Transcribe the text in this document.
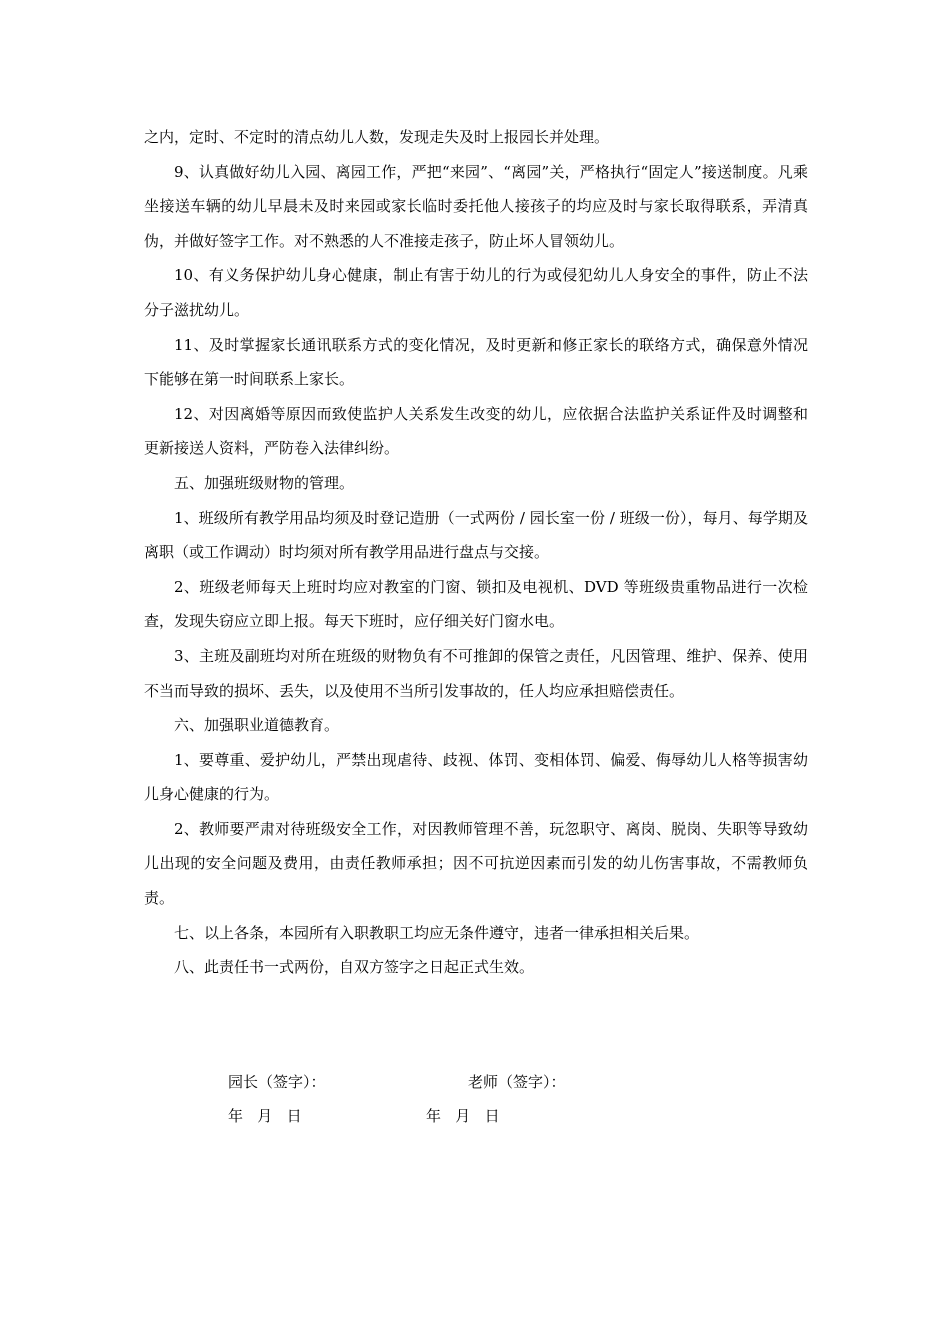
之内，定时、不定时的清点幼儿人数，发现走失及时上报园长并处理。

9、认真做好幼儿入园、离园工作，严把“来园”、“离园”关，严格执行“固定人”接送制度。凡乘坐接送车辆的幼儿早晨未及时来园或家长临时委托他人接孩子的均应及时与家长取得联系，弄清真伪，并做好签字工作。对不熟悉的人不准接走孩子，防止坏人冒领幼儿。

10、有义务保护幼儿身心健康，制止有害于幼儿的行为或侵犯幼儿人身安全的事件，防止不法分子滋扰幼儿。

11、及时掌握家长通讯联系方式的变化情况，及时更新和修正家长的联络方式，确保意外情况下能够在第一时间联系上家长。

12、对因离婚等原因而致使监护人关系发生改变的幼儿，应依据合法监护关系证件及时调整和更新接送人资料，严防卷入法律纠纷。

五、加强班级财物的管理。

1、班级所有教学用品均须及时登记造册（一式两份 / 园长室一份 / 班级一份），每月、每学期及离职（或工作调动）时均须对所有教学用品进行盘点与交接。

2、班级老师每天上班时均应对教室的门窗、锁扣及电视机、DVD 等班级贵重物品进行一次检查，发现失窃应立即上报。每天下班时，应仔细关好门窗水电。

3、主班及副班均对所在班级的财物负有不可推卸的保管之责任，凡因管理、维护、保养、使用不当而导致的损坏、丢失，以及使用不当所引发事故的，任人均应承担赔偿责任。

六、加强职业道德教育。

1、要尊重、爱护幼儿，严禁出现虐待、歧视、体罚、变相体罚、偏爱、侮辱幼儿人格等损害幼儿身心健康的行为。

2、教师要严肃对待班级安全工作，对因教师管理不善，玩忽职守、离岗、脱岗、失职等导致幼儿出现的安全问题及费用，由责任教师承担；因不可抗逆因素而引发的幼儿伤害事故，不需教师负责。

七、以上各条，本园所有入职教职工均应无条件遵守，违者一律承担相关后果。

八、此责任书一式两份，自双方签字之日起正式生效。

园长（签字）：	老师（签字）：
年   月   日	年   月   日
